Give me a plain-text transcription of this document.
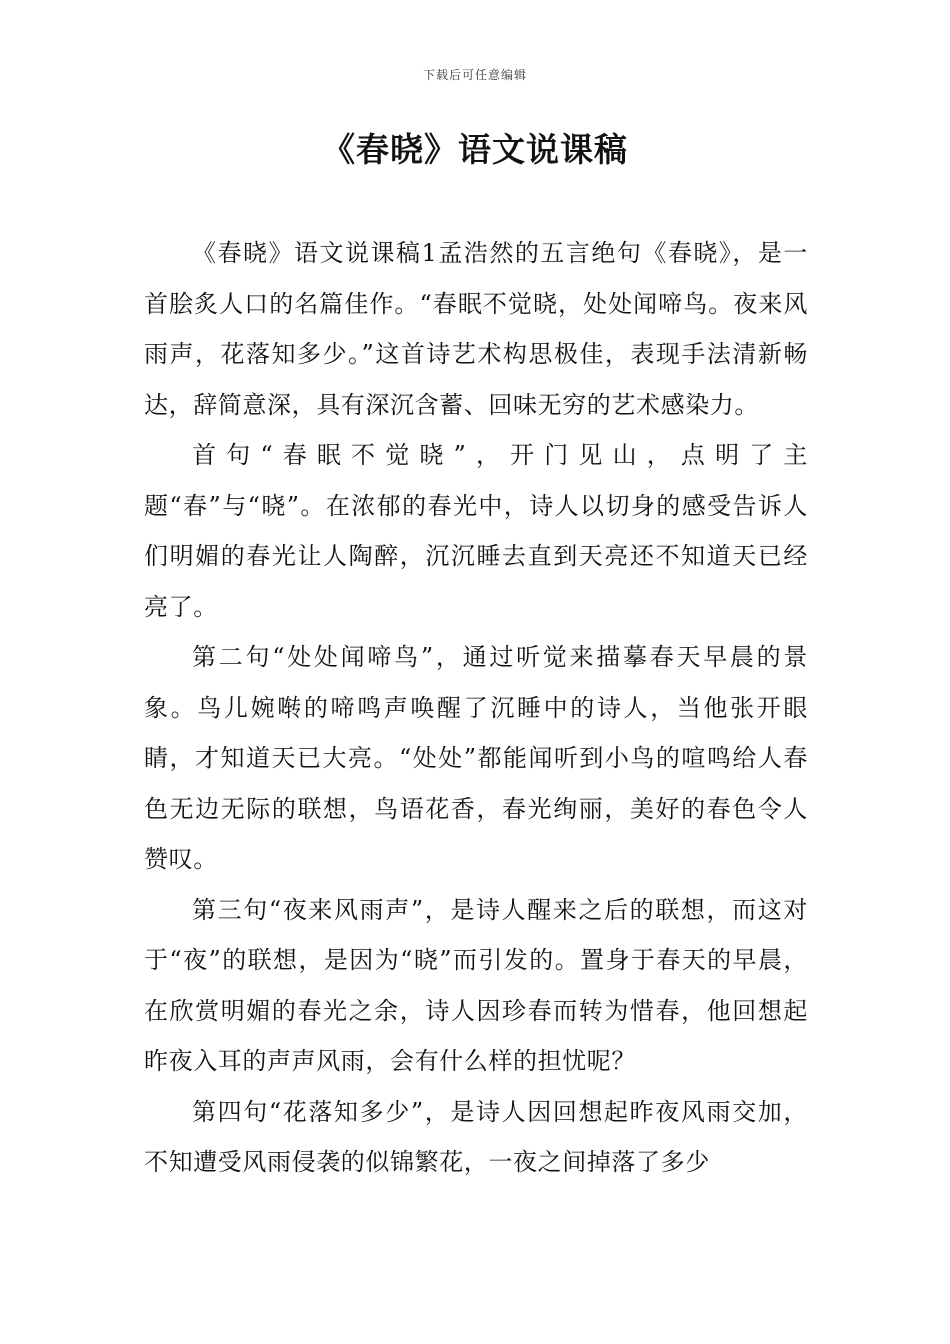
下载后可任意编辑
《春晓》语文说课稿

《春晓》语文说课稿1孟浩然的五言绝句《春晓》，是一首脍炙人口的名篇佳作。“春眠不觉晓，处处闻啼鸟。夜来风雨声，花落知多少。”这首诗艺术构思极佳，表现手法清新畅达，辞简意深，具有深沉含蓄、回味无穷的艺术感染力。

首句“春眠不觉晓”，开门见山，点明了主题“春”与“晓”。在浓郁的春光中，诗人以切身的感受告诉人们明媚的春光让人陶醉，沉沉睡去直到天亮还不知道天已经亮了。

第二句“处处闻啼鸟”，通过听觉来描摹春天早晨的景象。鸟儿婉啭的啼鸣声唤醒了沉睡中的诗人，当他张开眼睛，才知道天已大亮。“处处”都能闻听到小鸟的喧鸣给人春色无边无际的联想，鸟语花香，春光绚丽，美好的春色令人赞叹。

第三句“夜来风雨声”，是诗人醒来之后的联想，而这对于“夜”的联想，是因为“晓”而引发的。置身于春天的早晨，在欣赏明媚的春光之余，诗人因珍春而转为惜春，他回想起昨夜入耳的声声风雨，会有什么样的担忧呢？

第四句“花落知多少”，是诗人因回想起昨夜风雨交加，不知遭受风雨侵袭的似锦繁花，一夜之间掉落了多少
